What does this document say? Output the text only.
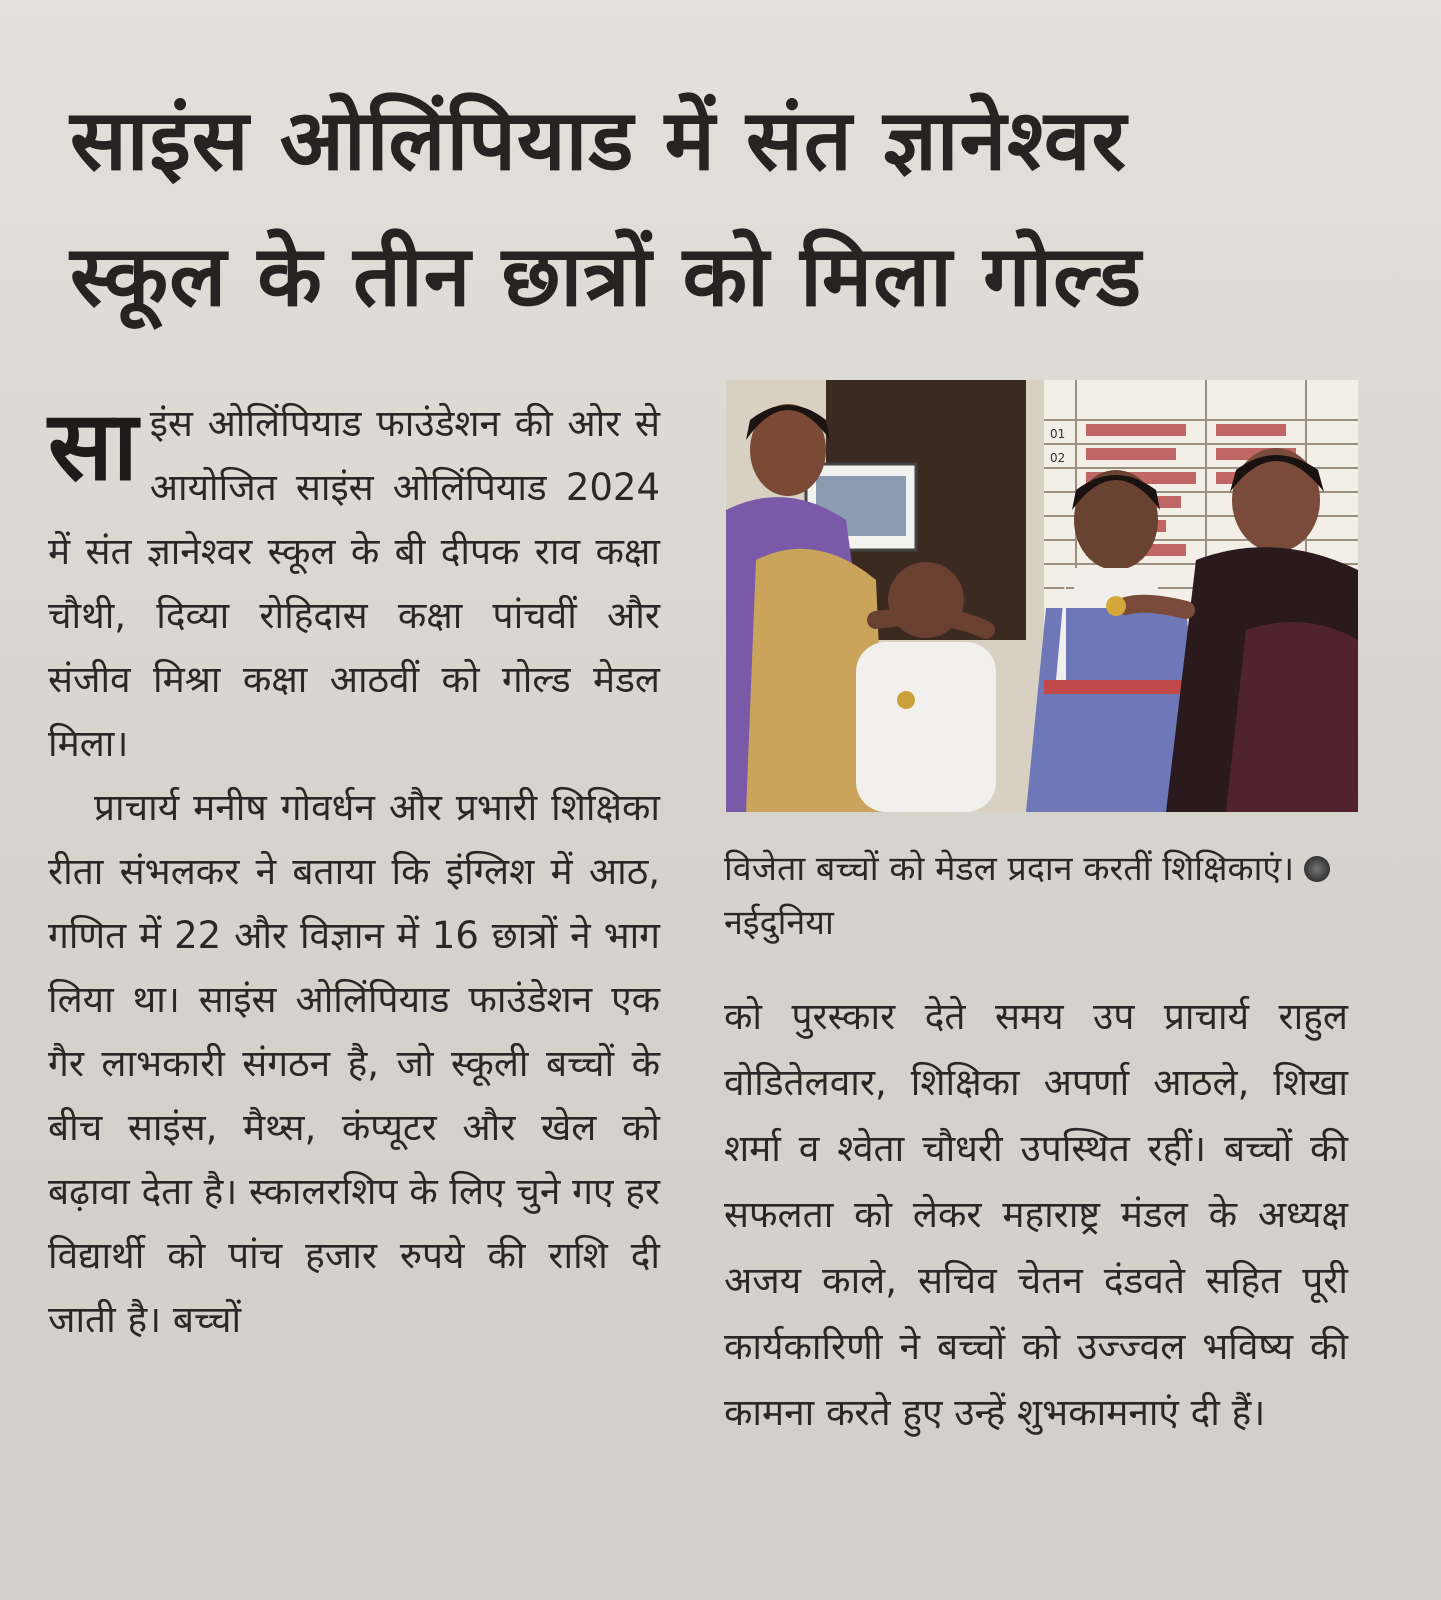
साइंस ओलिंपियाड में संत ज्ञानेश्वर
स्कूल के तीन छात्रों को मिला गोल्ड

साइंस ओलिंपियाड फाउंडेशन की ओर से आयोजित साइंस ओलिंपियाड 2024 में संत ज्ञानेश्वर स्कूल के बी दीपक राव कक्षा चौथी, दिव्या रोहिदास कक्षा पांचवीं और संजीव मिश्रा कक्षा आठवीं को गोल्ड मेडल मिला।

प्राचार्य मनीष गोवर्धन और प्रभारी शिक्षिका रीता संभलकर ने बताया कि इंग्लिश में आठ, गणित में 22 और विज्ञान में 16 छात्रों ने भाग लिया था। साइंस ओलिंपियाड फाउंडेशन एक गैर लाभकारी संगठन है, जो स्कूली बच्चों के बीच साइंस, मैथ्स, कंप्यूटर और खेल को बढ़ावा देता है। स्कालरशिप के लिए चुने गए हर विद्यार्थी को पांच हजार रुपये की राशि दी जाती है। बच्चों

01
02
विजेता बच्चों को मेडल प्रदान करतीं शिक्षिकाएं।नईदुनिया

को पुरस्कार देते समय उप प्राचार्य राहुल वोडितेलवार, शिक्षिका अपर्णा आठले, शिखा शर्मा व श्वेता चौधरी उपस्थित रहीं। बच्चों की सफलता को लेकर महाराष्ट्र मंडल के अध्यक्ष अजय काले, सचिव चेतन दंडवते सहित पूरी कार्यकारिणी ने बच्चों को उज्ज्वल भविष्य की कामना करते हुए उन्हें शुभकामनाएं दी हैं।
